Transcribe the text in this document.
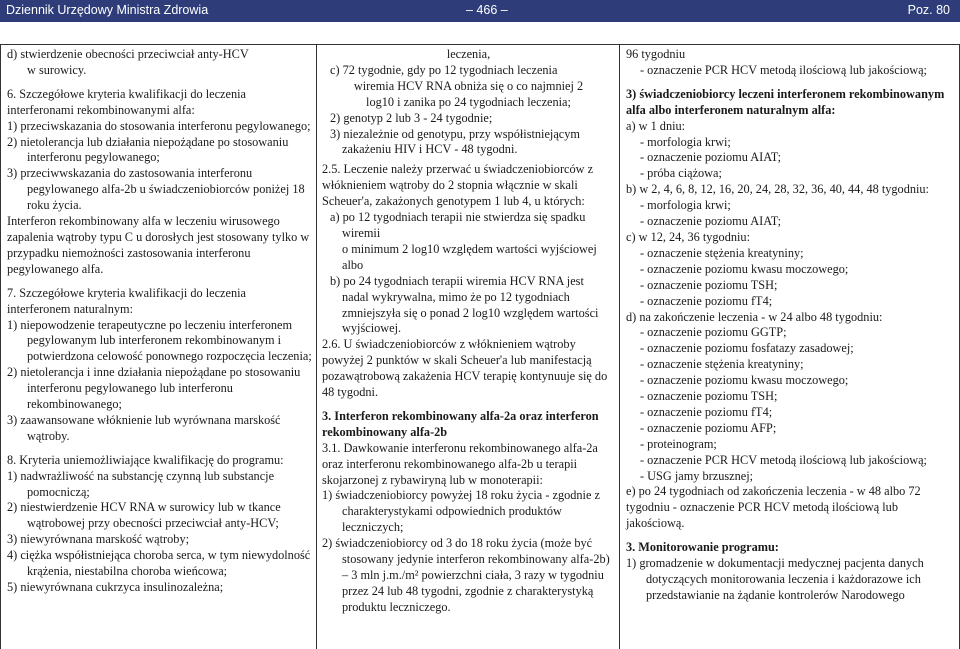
Dziennik Urzędowy Ministra Zdrowia	– 466 –	Poz. 80

d) stwierdzenie obecności przeciwciał anty-HCV

w surowicy.

6. Szczegółowe kryteria kwalifikacji do leczenia interferonami rekombinowanymi alfa:

1) przeciwskazania do stosowania interferonu pegylowanego;

2) nietolerancja lub działania niepożądane po stosowaniu interferonu pegylowanego;

3) przeciwwskazania do zastosowania interferonu pegylowanego alfa-2b u świadczeniobiorców poniżej 18 roku życia.

Interferon rekombinowany alfa w leczeniu wirusowego zapalenia wątroby typu C u dorosłych jest stosowany tylko w przypadku niemożności zastosowania interferonu pegylowanego alfa.

7. Szczegółowe kryteria kwalifikacji do leczenia interferonem naturalnym:

1) niepowodzenie terapeutyczne po leczeniu interferonem pegylowanym lub interferonem rekombinowanym i potwierdzona celowość ponownego rozpoczęcia leczenia;

2) nietolerancja i inne działania niepożądane po stosowaniu interferonu pegylowanego lub interferonu rekombinowanego;

3) zaawansowane włóknienie lub wyrównana marskość wątroby.

8. Kryteria uniemożliwiające kwalifikację do programu:

1) nadwrażliwość na substancję czynną lub substancje pomocniczą;

2) niestwierdzenie HCV RNA w surowicy lub w tkance wątrobowej przy obecności przeciwciał anty-HCV;

3) niewyrównana marskość wątroby;

4) ciężka współistniejąca choroba serca, w tym niewydolność krążenia, niestabilna choroba wieńcowa;

5) niewyrównana cukrzyca insulinozależna;

leczenia,

c) 72 tygodnie, gdy po 12 tygodniach leczenia

wiremia HCV RNA obniża się o co najmniej 2

log10 i zanika po 24 tygodniach leczenia;

2) genotyp 2 lub 3 - 24 tygodnie;

3) niezależnie od genotypu, przy współistniejącym

zakażeniu HIV i HCV - 48 tygodni.

2.5. Leczenie należy przerwać u świadczeniobiorców z włóknieniem wątroby do 2 stopnia włącznie w skali Scheuer'a, zakażonych genotypem 1 lub 4, u których:

a) po 12 tygodniach terapii nie stwierdza się spadku

wiremii

o minimum 2 log10 względem wartości wyjściowej

albo

b) po 24 tygodniach terapii wiremia HCV RNA jest

nadal wykrywalna, mimo że po 12 tygodniach

zmniejszyła się o ponad 2 log10 względem wartości

wyjściowej.

2.6. U świadczeniobiorców z włóknieniem wątroby powyżej 2 punktów w skali Scheuer'a lub manifestacją pozawątrobową zakażenia HCV terapię kontynuuje się do 48 tygodni.

3. Interferon rekombinowany alfa-2a oraz interferon rekombinowany alfa-2b

3.1. Dawkowanie interferonu rekombinowanego alfa-2a oraz interferonu rekombinowanego alfa-2b u terapii skojarzonej z rybawiryną lub w monoterapii:

1) świadczeniobiorcy powyżej 18 roku życia - zgodnie z charakterystykami odpowiednich produktów leczniczych;

2) świadczeniobiorcy od 3 do 18 roku życia (może być stosowany jedynie interferon rekombinowany alfa-2b) – 3 mln j.m./m² powierzchni ciała, 3 razy w tygodniu przez 24 lub 48 tygodni, zgodnie z charakterystyką produktu leczniczego.

96 tygodniu

- oznaczenie PCR HCV metodą ilościową lub jakościową;

3) świadczeniobiorcy leczeni interferonem rekombinowanym alfa albo interferonem naturalnym alfa:

a) w 1 dniu:

- morfologia krwi;

- oznaczenie poziomu AIAT;

- próba ciążowa;

b) w 2, 4, 6, 8, 12, 16, 20, 24, 28, 32, 36, 40, 44, 48 tygodniu:

- morfologia krwi;

- oznaczenie poziomu AIAT;

c) w 12, 24, 36 tygodniu:

- oznaczenie stężenia kreatyniny;

- oznaczenie poziomu kwasu moczowego;

- oznaczenie poziomu TSH;

- oznaczenie poziomu fT4;

d) na zakończenie leczenia - w 24 albo 48 tygodniu:

- oznaczenie poziomu GGTP;

- oznaczenie poziomu fosfatazy zasadowej;

- oznaczenie stężenia kreatyniny;

- oznaczenie poziomu kwasu moczowego;

- oznaczenie poziomu TSH;

- oznaczenie poziomu fT4;

- oznaczenie poziomu AFP;

- proteinogram;

- oznaczenie PCR HCV metodą ilościową lub jakościową;

- USG jamy brzusznej;

e) po 24 tygodniach od zakończenia leczenia - w 48 albo 72 tygodniu - oznaczenie PCR HCV metodą ilościową lub jakościową.

3. Monitorowanie programu:

1) gromadzenie w dokumentacji medycznej pacjenta danych dotyczących monitorowania leczenia i każdorazowe ich przedstawianie na żądanie kontrolerów Narodowego
